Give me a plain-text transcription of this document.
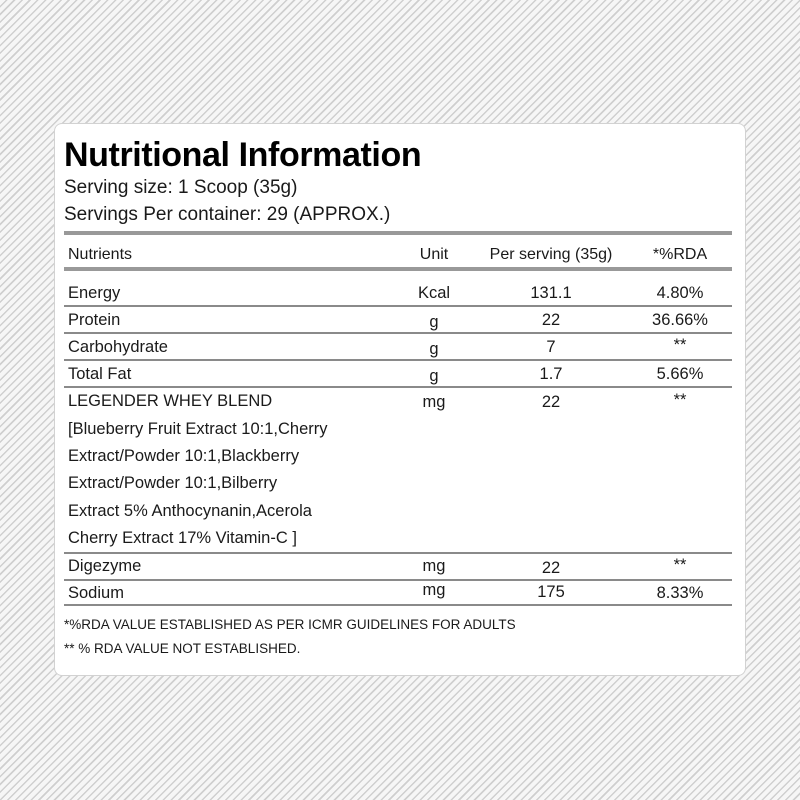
Nutritional Information
Serving size: 1 Scoop (35g)
Servings Per container: 29 (APPROX.)
Nutrients	Unit	Per serving (35g)	*%RDA
Energy	Kcal	131.1	4.80%
Protein	g	22	36.66%
Carbohydrate	g	7	**
Total Fat	g	1.7	5.66%
LEGENDER WHEY BLEND	mg	22	**
[Blueberry Fruit Extract 10:1,Cherry
Extract/Powder 10:1,Blackberry
Extract/Powder 10:1,Bilberry
Extract 5% Anthocynanin,Acerola
Cherry Extract 17% Vitamin-C ]
Digezyme	mg	22	**
Sodium	mg	175	8.33%
*%RDA VALUE ESTABLISHED AS PER ICMR GUIDELINES FOR ADULTS
** % RDA VALUE NOT ESTABLISHED.
